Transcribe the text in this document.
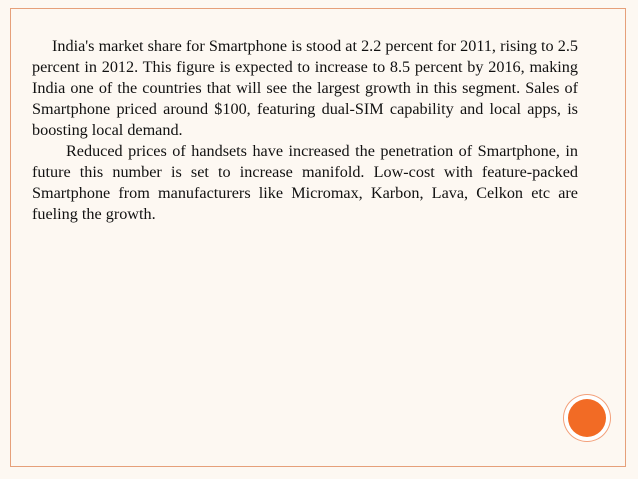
India's market share for Smartphone is stood at 2.2 percent for 2011, rising to 2.5 percent in 2012. This figure is expected to increase to 8.5 percent by 2016, making India one of the countries that will see the largest growth in this segment. Sales of Smartphone priced around $100, featuring dual-SIM capability and local apps, is boosting local demand.

Reduced prices of handsets have increased the penetration of Smartphone, in future this number is set to increase manifold. Low-cost with feature-packed Smartphone from manufacturers like Micromax, Karbon, Lava, Celkon etc are fueling the growth.
